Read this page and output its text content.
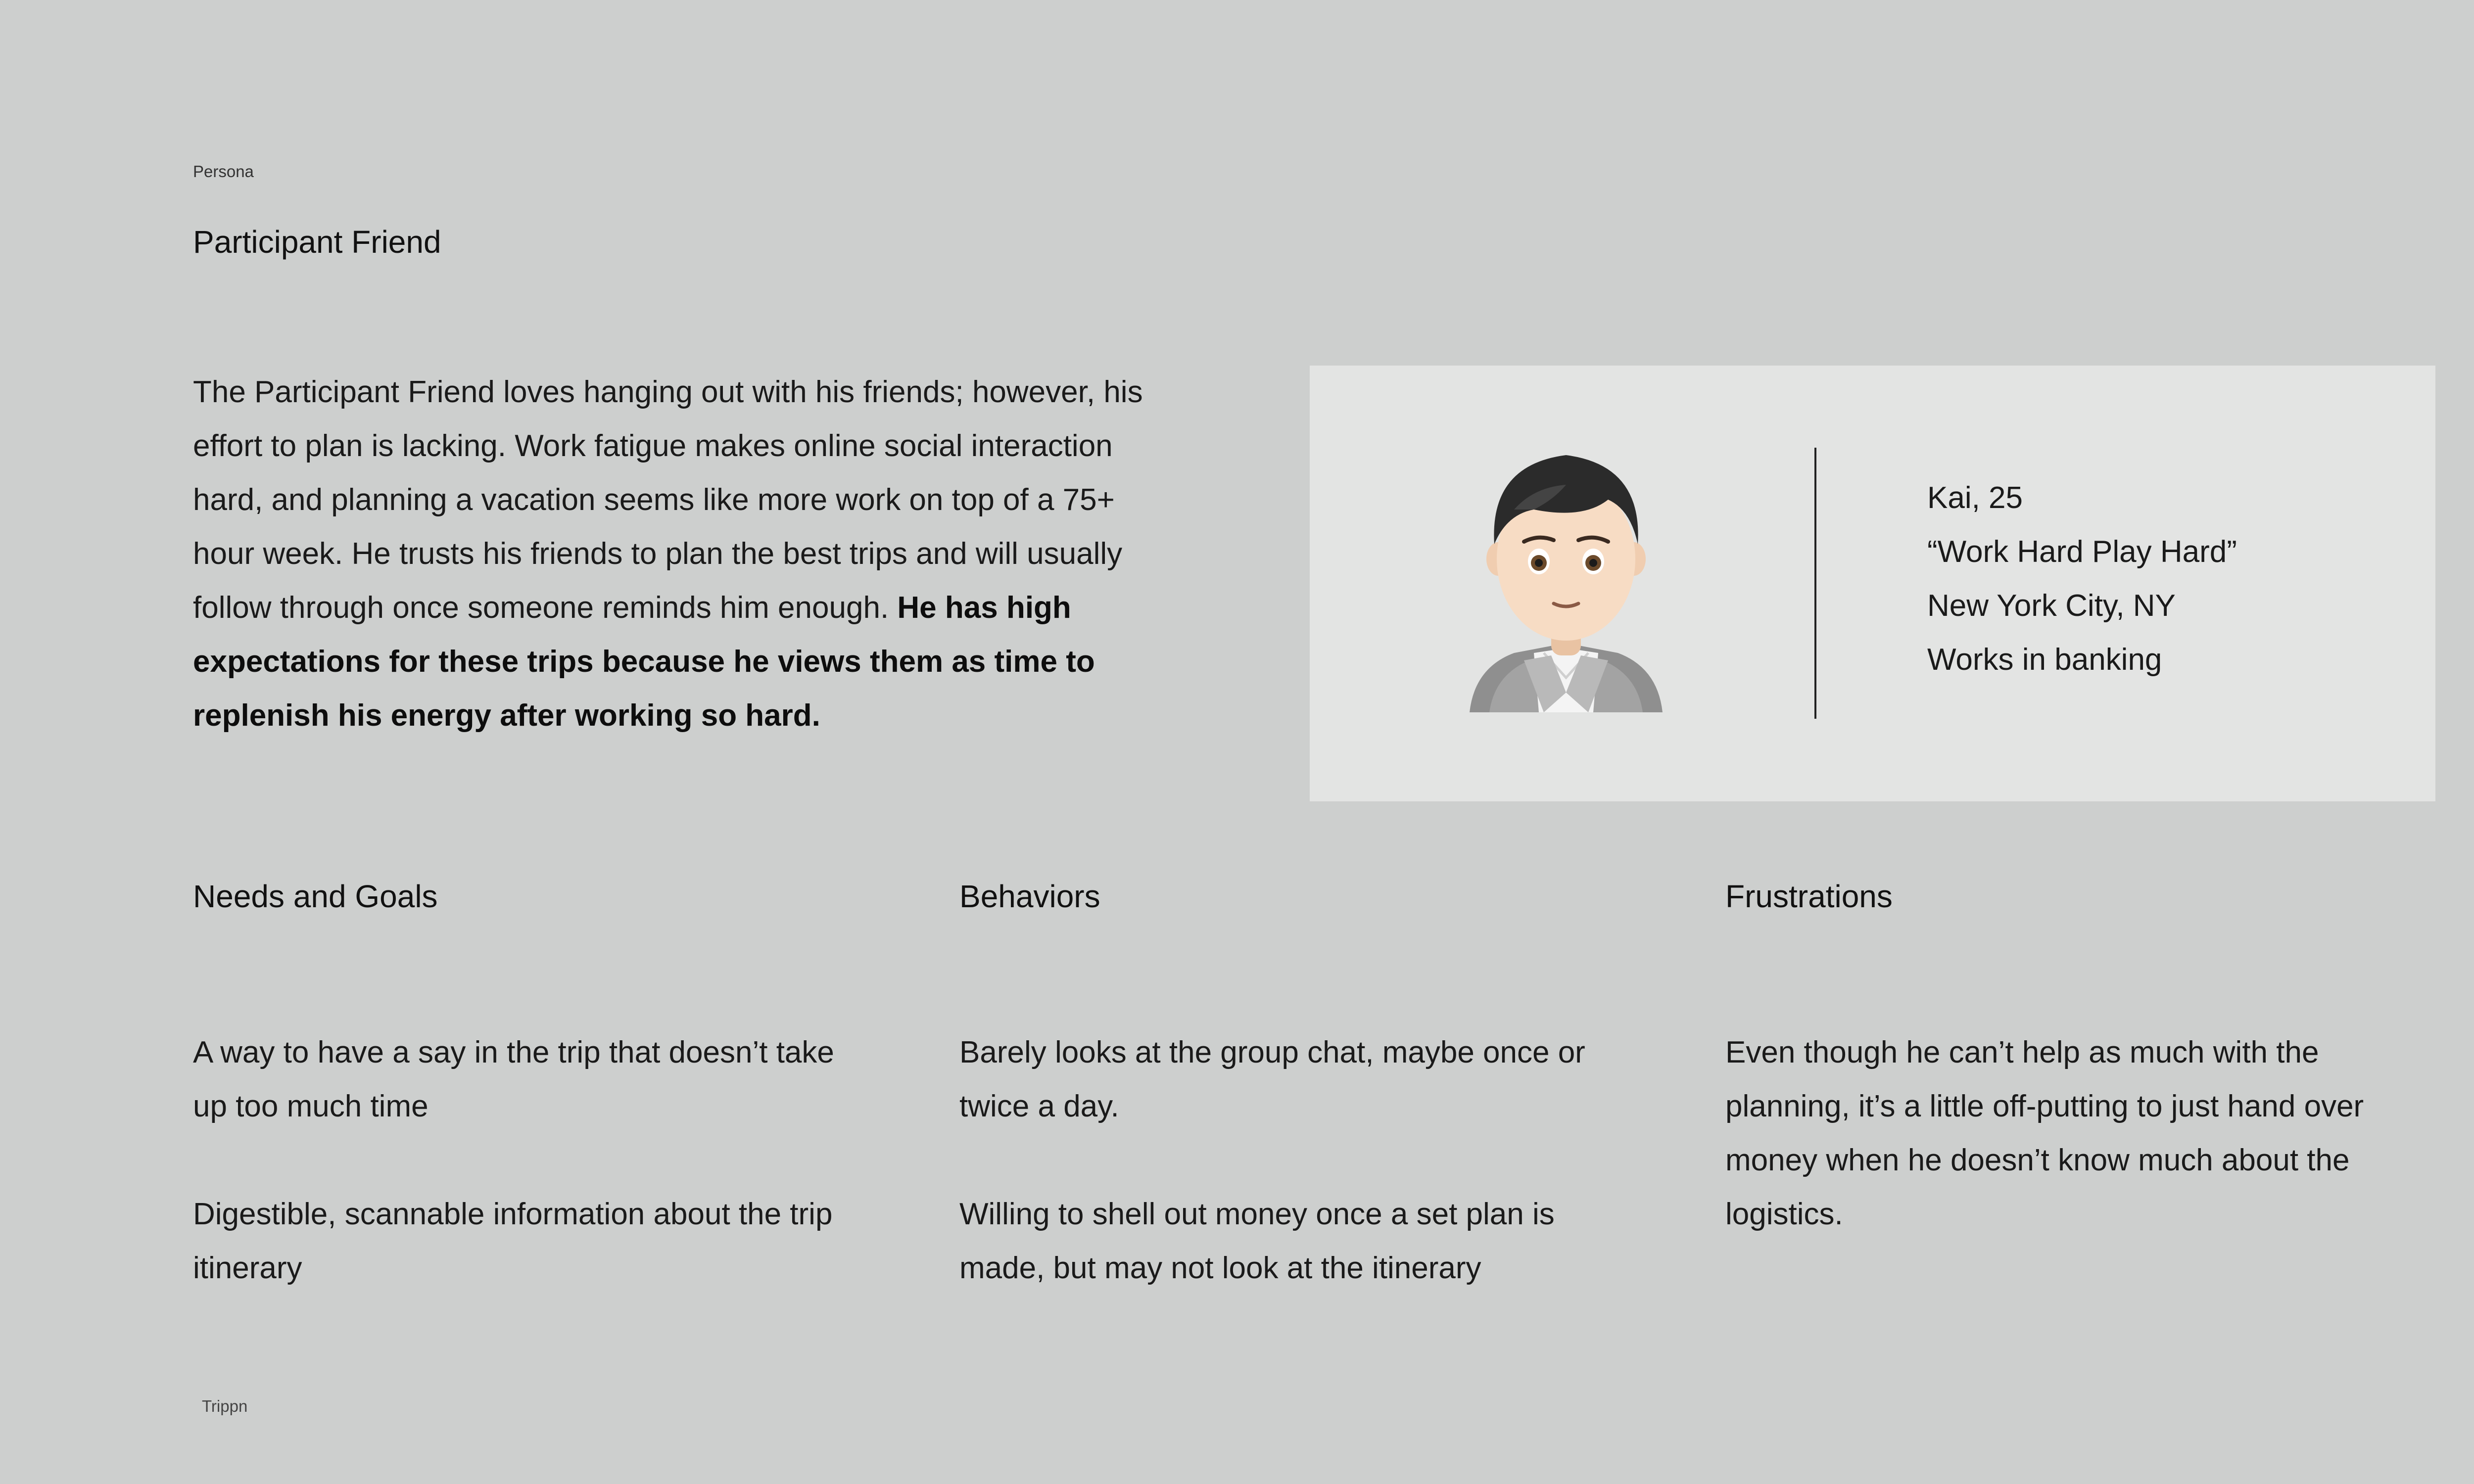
Persona
Participant Friend
The Participant Friend loves hanging out with his friends; however, his effort to plan is lacking. Work fatigue makes online social interaction hard, and planning a vacation seems like more work on top of a 75+ hour week. He trusts his friends to plan the best trips and will usually follow through once someone reminds him enough. He has high expectations for these trips because he views them as time to replenish his energy after working so hard.
Kai, 25
“Work Hard Play Hard”
New York City, NY
Works in banking
Needs and Goals

A way to have a say in the trip that doesn’t take up too much time

Digestible, scannable information about the trip itinerary

Behaviors

Barely looks at the group chat, maybe once or twice a day.

Willing to shell out money once a set plan is made, but may not look at the itinerary

Frustrations

Even though he can’t help as much with the planning, it’s a little off-putting to just hand over money when he doesn’t know much about the logistics.

Trippn
